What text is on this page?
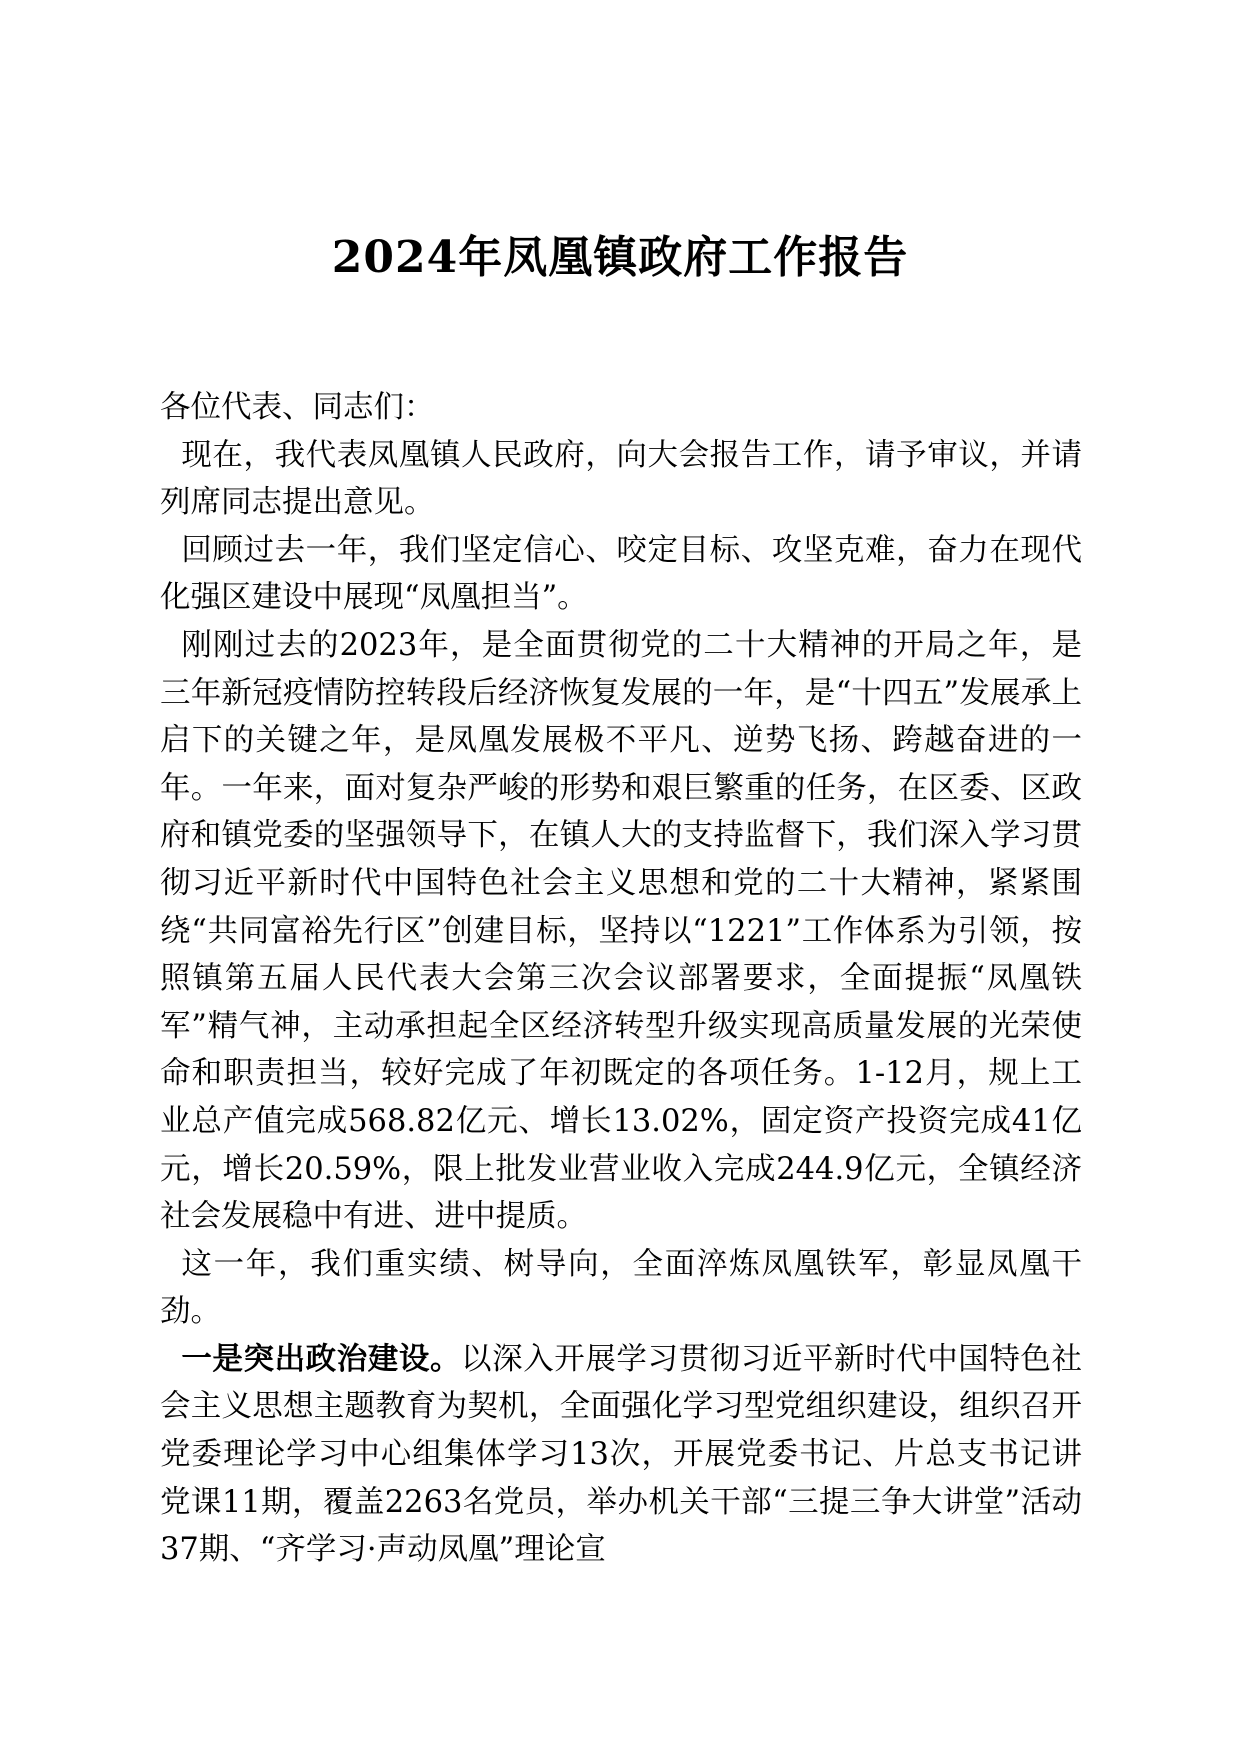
2024年凤凰镇政府工作报告

各位代表、同志们：

现在，我代表凤凰镇人民政府，向大会报告工作，请予审议，并请列席同志提出意见。

回顾过去一年，我们坚定信心、咬定目标、攻坚克难，奋力在现代化强区建设中展现“凤凰担当”。

刚刚过去的2023年，是全面贯彻党的二十大精神的开局之年，是三年新冠疫情防控转段后经济恢复发展的一年，是“十四五”发展承上启下的关键之年，是凤凰发展极不平凡、逆势飞扬、跨越奋进的一年。一年来，面对复杂严峻的形势和艰巨繁重的任务，在区委、区政府和镇党委的坚强领导下，在镇人大的支持监督下，我们深入学习贯彻习近平新时代中国特色社会主义思想和党的二十大精神，紧紧围绕“共同富裕先行区”创建目标，坚持以“1221”工作体系为引领，按照镇第五届人民代表大会第三次会议部署要求，全面提振“凤凰铁军”精气神，主动承担起全区经济转型升级实现高质量发展的光荣使命和职责担当，较好完成了年初既定的各项任务。1-12月，规上工业总产值完成568.82亿元、增长13.02%，固定资产投资完成41亿元，增长20.59%，限上批发业营业收入完成244.9亿元，全镇经济社会发展稳中有进、进中提质。

这一年，我们重实绩、树导向，全面淬炼凤凰铁军，彰显凤凰干劲。

一是突出政治建设。以深入开展学习贯彻习近平新时代中国特色社会主义思想主题教育为契机，全面强化学习型党组织建设，组织召开党委理论学习中心组集体学习13次，开展党委书记、片总支书记讲党课11期，覆盖2263名党员，举办机关干部“三提三争大讲堂”活动37期、“齐学习·声动凤凰”理论宣
